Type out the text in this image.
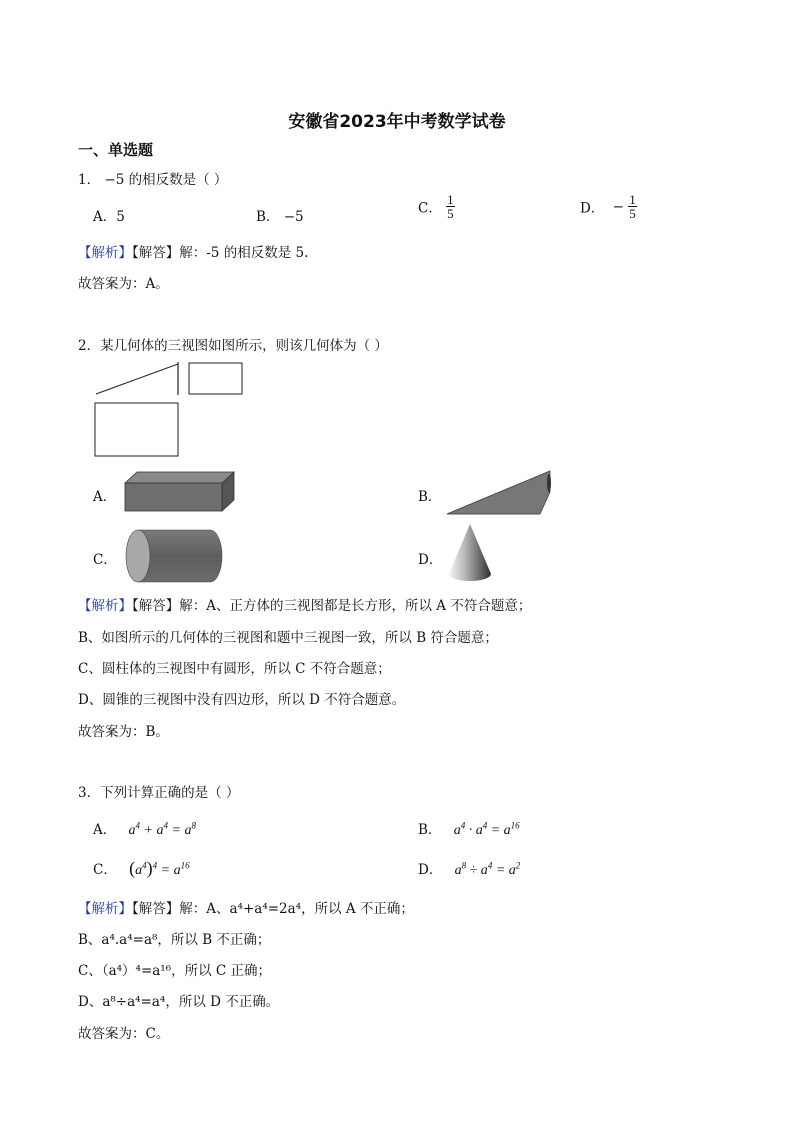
安徽省2023年中考数学试卷
一、单选题
1． −5 的相反数是（ ）
A．5	B． −5
C． $\frac{1}{5}$	D． − $\frac{1}{5}$
【解析】【解答】解：-5 的相反数是 5.
故答案为：A。
2．某几何体的三视图如图所示，则该几何体为（ ）
A．	B．
C．	D．
【解析】【解答】解：A、正方体的三视图都是长方形，所以 A 不符合题意；
B、如图所示的几何体的三视图和题中三视图一致，所以 B 符合题意；
C、圆柱体的三视图中有圆形，所以 C 不符合题意；
D、圆锥的三视图中没有四边形，所以 D 不符合题意。
故答案为：B。
3．下列计算正确的是（ ）
A． $a^4 + a^4 = a^8$	B． $a^4 \cdot a^4 = a^{16}$
C． $(a^4)^4 = a^{16}$	D． $a^8 \div a^4 = a^2$
【解析】【解答】解：A、a⁴+a⁴=2a⁴，所以 A 不正确；
B、a⁴.a⁴=a⁸，所以 B 不正确；
C、（a⁴）⁴=a¹⁶，所以 C 正确；
D、a⁸÷a⁴=a⁴，所以 D 不正确。
故答案为：C。
